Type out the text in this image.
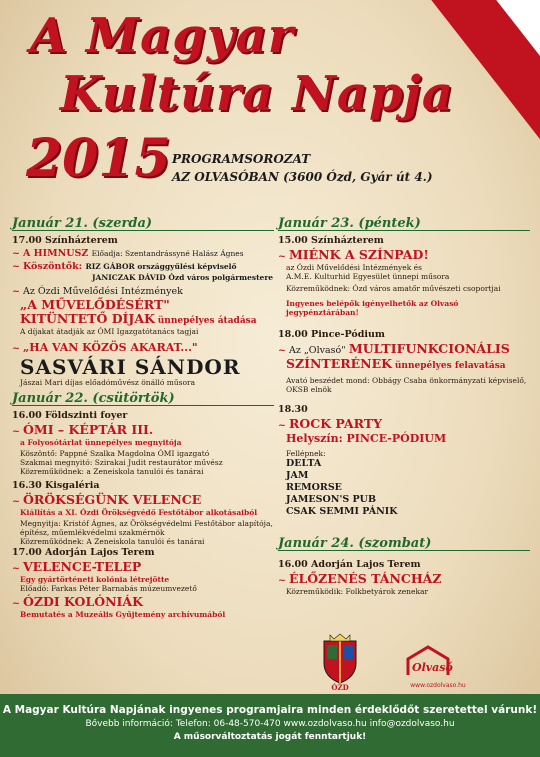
A Magyar
Kultúra Napja
2015 PROGRAMSOROZAT
AZ OLVASÓBAN (3600 Ózd, Gyár út 4.)
Január 21. (szerda)
17.00 Színházterem
~ A HIMNUSZ Előadja: Szentandrássyné Halász Ágnes
~ Köszöntők: RIZ GÁBOR országgyűlési képviselő
JANICZAK DÁVID Ózd város polgármestere
~ Az Ózdi Művelődési Intézmények
„A MŰVELŐDÉSÉRT"
KITÜNTETŐ DÍJAK ünnepélyes átadása
A díjakat átadják az ÓMI Igazgatótanács tagjai
~ „HA VAN KÖZÖS AKARAT..."
SASVÁRI SÁNDOR
Jászai Mari díjas előadóművész önálló műsora
Január 22. (csütörtök)
16.00 Földszinti foyer
~ ÓMI – KÉPTÁR III.
a Folyosótárlat ünnepélyes megnyitója
Köszöntő: Pappné Szalka Magdolna ÓMI igazgató
Szakmai megnyitó: Szirakai Judit restaurátor művész
Közreműködnek: a Zeneiskola tanulói és tanárai
16.30 Kisgaléria
~ ÖRÖKSÉGÜNK VELENCE
Kiállítás a XI. Ózdi Örökségvédő Festőtábor alkotásaiból
Megnyitja: Kristóf Ágnes, az Örökségvédelmi Festőtábor alapítója, építész, műemlékvédelmi szakmérnök
Közreműködnek: A Zeneiskola tanulói és tanárai
17.00 Adorján Lajos Terem
~ VELENCE-TELEP
Egy gyártörténeti kolónia létrejötte
Előadó: Farkas Péter Barnabás múzeumvezető
~ ÓZDI KOLÓNIÁK
Bemutatés a Muzeális Gyűjtemény archívumából
Január 23. (péntek)
15.00 Színházterem
~ MIÉNK A SZÍNPAD!
az Ózdi Művelődési Intézmények és
A.M.E. Kulturhid Egyesület ünnepi műsora
Közreműködnek: Ózd város amatőr művészeti csoportjai
Ingyenes belépők igényelhetők az Olvasó jegypénztárában!
18.00 Pince-Pódium
~ Az „Olvasó" MULTIFUNKCIONÁLIS
SZÍNTERÉNEK ünnepélyes felavatása
Avató beszédet mond: Obbágy Csaba önkormányzati képviselő, OKSB elnök
18.30
~ ROCK PARTY
Helyszín: PINCE-PÓDIUM
Fellépnek:
DELTA
JAM
REMORSE
JAMESON'S PUB
CSAK SEMMI PÁNIK
Január 24. (szombat)
16.00 Adorján Lajos Terem
~ ÉLŐZENÉS TÁNCHÁZ
Közreműködik: Folkbetyárok zenekar
ÓZD
Olvasó
www.ozdolvaso.hu
A Magyar Kultúra Napjának ingyenes programjaira minden érdeklődőt szeretettel várunk!
Bővebb információ: Telefon: 06-48-570-470 www.ozdolvaso.hu info@ozdolvaso.hu
A műsorváltoztatás jogát fenntartjuk!
